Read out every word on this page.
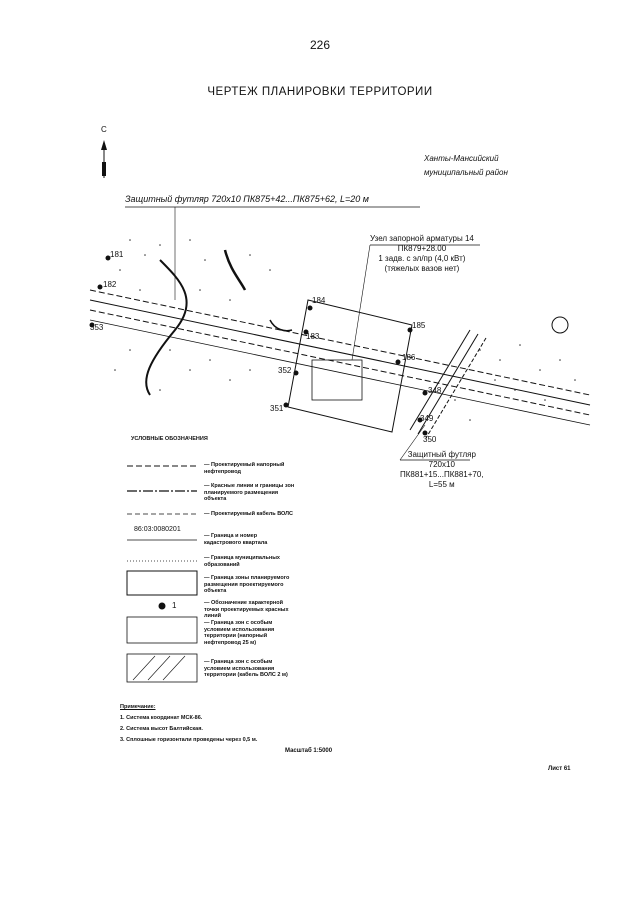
226
ЧЕРТЕЖ ПЛАНИРОВКИ ТЕРРИТОРИИ
С
Ханты-Мансийский
муниципальный район
Защитный футляр 720х10 ПК875+42...ПК875+62, L=20 м
Узел запорной арматуры 14
ПК879+28.00
1 задв. с эл/пр (4,0 кВт)
(тяжелых вазов нет)
Защитный футляр
720х10
ПК881+15...ПК881+70,
L=55 м
181
182
353
183
184
185
186
352
351
350
348
349
УСЛОВНЫЕ ОБОЗНАЧЕНИЯ
— Проектируемый напорный
нефтепровод
— Красные линии и границы зон
планируемого размещения
объекта
— Проектируемый кабель ВОЛС
86:03:0080201
— Граница и номер
кадастрового квартала
— Граница муниципальных
образований
— Граница зоны планируемого
размещения проектируемого
объекта
1	— Обозначение характерной
точки проектируемых красных
линий
— Граница зон с особым
условием использования
территории (напорный
нефтепровод 25 м)
— Граница зон с особым
условием использования
территории (кабель ВОЛС 2 м)
Примечание:
1. Система координат МСК-86.
2. Система высот Балтийская.
3. Сплошные горизонтали проведены через 0,5 м.
Масштаб 1:5000
Лист 61
